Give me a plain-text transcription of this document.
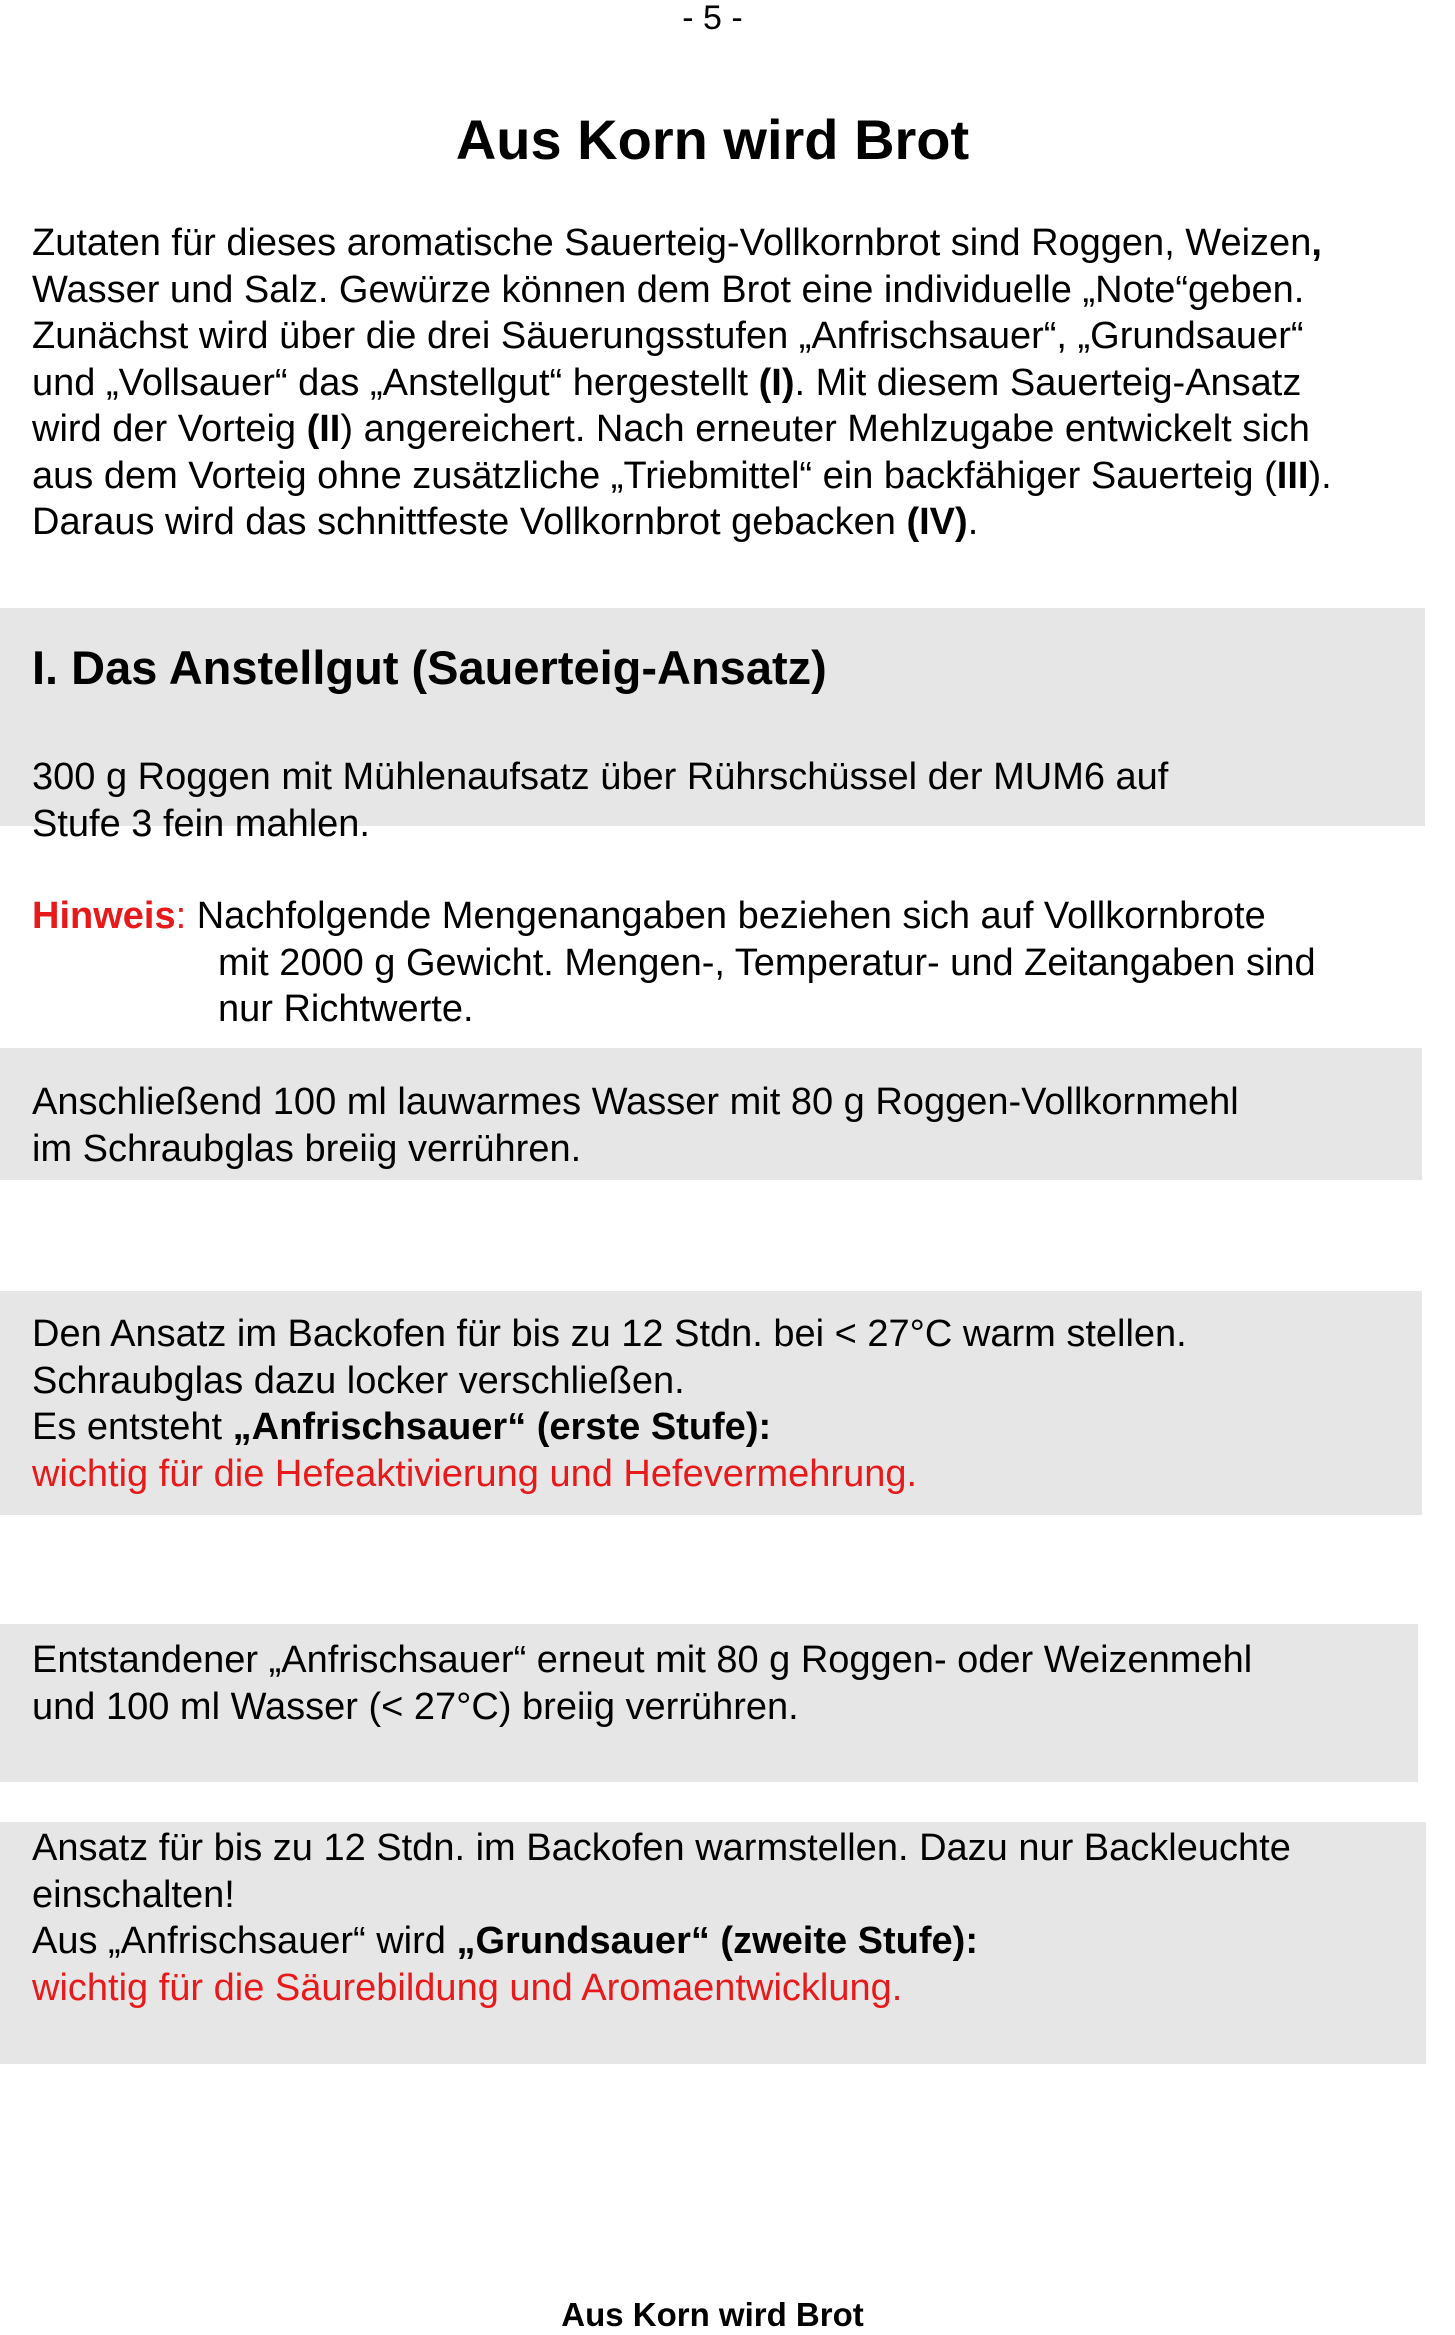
- 5 -
Aus Korn wird Brot
Zutaten für dieses aromatische Sauerteig-Vollkornbrot sind Roggen, Weizen,
Wasser und Salz. Gewürze können dem Brot eine individuelle „Note“geben.
Zunächst wird über die drei Säuerungsstufen „Anfrischsauer“, „Grundsauer“
und „Vollsauer“ das „Anstellgut“ hergestellt (I). Mit diesem Sauerteig-Ansatz
wird der Vorteig (II) angereichert. Nach erneuter Mehlzugabe entwickelt sich
aus dem Vorteig ohne zusätzliche „Triebmittel“ ein backfähiger Sauerteig (III).
Daraus wird das schnittfeste Vollkornbrot gebacken (IV).
I. Das Anstellgut (Sauerteig-Ansatz)
300 g Roggen mit Mühlenaufsatz über Rührschüssel der MUM6 auf
Stufe 3 fein mahlen.
Hinweis: Nachfolgende Mengenangaben beziehen sich auf Vollkornbrote
mit 2000 g Gewicht. Mengen-, Temperatur- und Zeitangaben sind
nur Richtwerte.
Anschließend 100 ml lauwarmes Wasser mit 80 g Roggen-Vollkornmehl
im Schraubglas breiig verrühren.
Den Ansatz im Backofen für bis zu 12 Stdn. bei < 27°C warm stellen.
Schraubglas dazu locker verschließen.
Es entsteht „Anfrischsauer“ (erste Stufe):
wichtig für die Hefeaktivierung und Hefevermehrung.
Entstandener „Anfrischsauer“ erneut mit 80 g Roggen- oder Weizenmehl
und 100 ml Wasser (< 27°C) breiig verrühren.
Ansatz für bis zu 12 Stdn. im Backofen warmstellen. Dazu nur Backleuchte
einschalten!
Aus „Anfrischsauer“ wird „Grundsauer“ (zweite Stufe):
wichtig für die Säurebildung und Aromaentwicklung.
Aus Korn wird Brot
